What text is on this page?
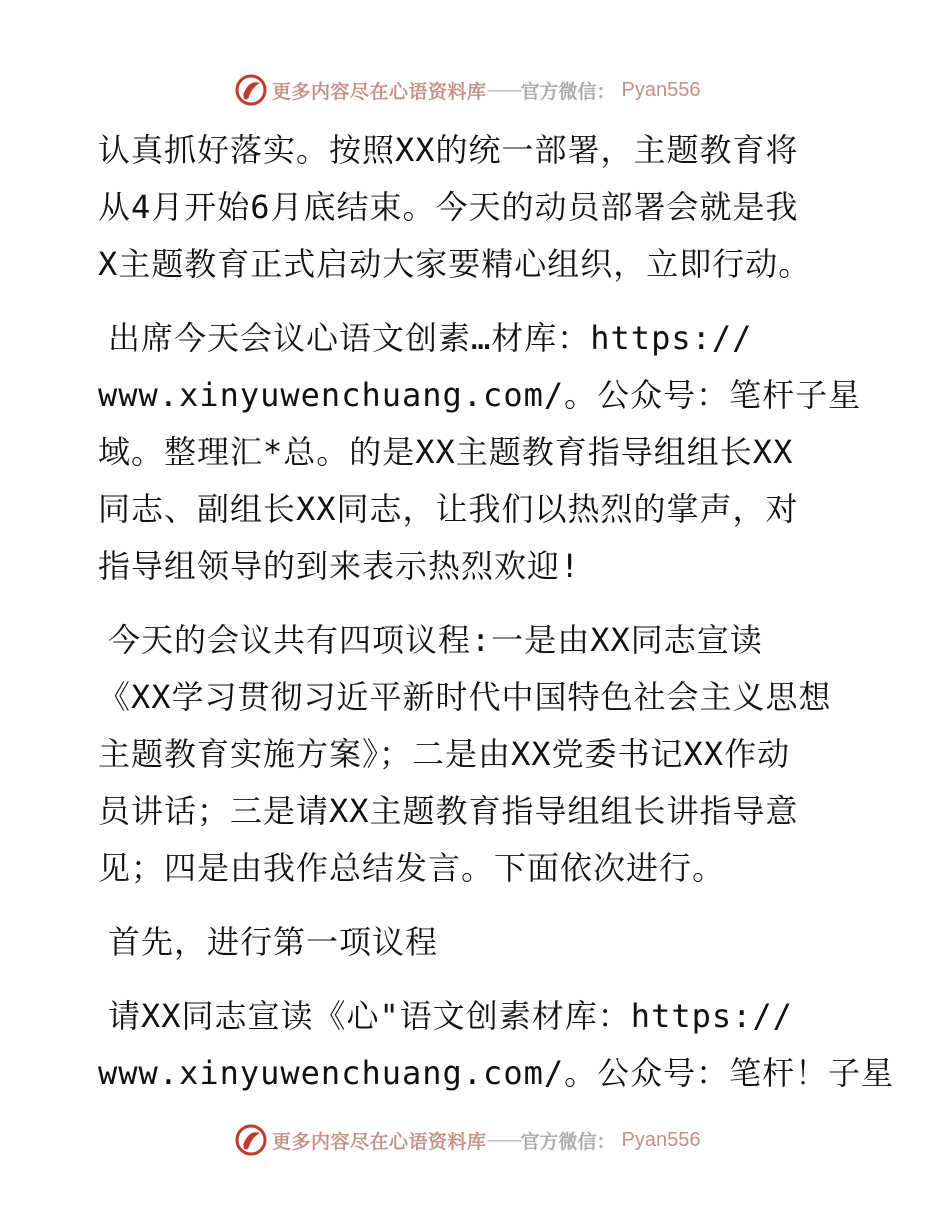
更多内容尽在心语资料库 —— 官方微信： Pyan556
认真抓好落实。按照XX的统一部署，主题教育将
从4月开始6月底结束。今天的动员部署会就是我
X主题教育正式启动大家要精心组织，立即行动。
出席今天会议心语文创素…材库：https://
www.xinyuwenchuang.com/。公众号：笔杆子星
域。整理汇*总。的是XX主题教育指导组组长XX
同志、副组长XX同志，让我们以热烈的掌声，对
指导组领导的到来表示热烈欢迎!
今天的会议共有四项议程:一是由XX同志宣读
《XX学习贯彻习近平新时代中国特色社会主义思想
主题教育实施方案》；二是由XX党委书记XX作动
员讲话；三是请XX主题教育指导组组长讲指导意
见；四是由我作总结发言。下面依次进行。
首先，进行第一项议程
请XX同志宣读《心"语文创素材库：https://
www.xinyuwenchuang.com/。公众号：笔杆！子星
更多内容尽在心语资料库 —— 官方微信： Pyan556
